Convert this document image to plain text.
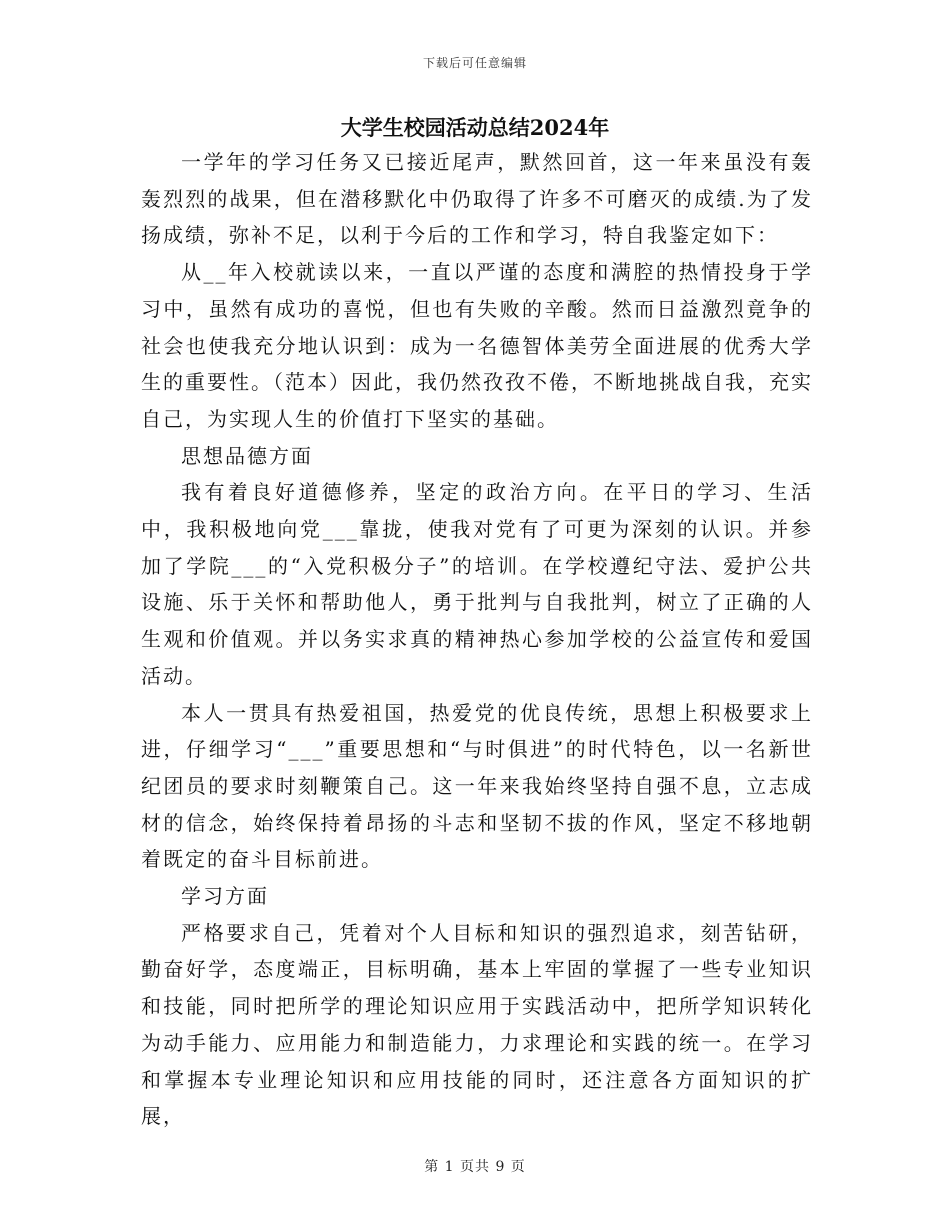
下载后可任意编辑
大学生校园活动总结2024年

一学年的学习任务又已接近尾声，默然回首，这一年来虽没有轰轰烈烈的战果，但在潜移默化中仍取得了许多不可磨灭的成绩.为了发扬成绩，弥补不足，以利于今后的工作和学习，特自我鉴定如下：

从__年入校就读以来，一直以严谨的态度和满腔的热情投身于学习中，虽然有成功的喜悦，但也有失败的辛酸。然而日益激烈竟争的社会也使我充分地认识到：成为一名德智体美劳全面进展的优秀大学生的重要性。（范本）因此，我仍然孜孜不倦，不断地挑战自我，充实自己，为实现人生的价值打下坚实的基础。

思想品德方面

我有着良好道德修养，坚定的政治方向。在平日的学习、生活中，我积极地向党___靠拢，使我对党有了可更为深刻的认识。并参加了学院___的“入党积极分子”的培训。在学校遵纪守法、爱护公共设施、乐于关怀和帮助他人，勇于批判与自我批判，树立了正确的人生观和价值观。并以务实求真的精神热心参加学校的公益宣传和爱国活动。

本人一贯具有热爱祖国，热爱党的优良传统，思想上积极要求上进，仔细学习“___”重要思想和“与时俱进”的时代特色，以一名新世纪团员的要求时刻鞭策自己。这一年来我始终坚持自强不息，立志成材的信念，始终保持着昂扬的斗志和坚韧不拔的作风，坚定不移地朝着既定的奋斗目标前进。

学习方面

严格要求自己，凭着对个人目标和知识的强烈追求，刻苦钻研，勤奋好学，态度端正，目标明确，基本上牢固的掌握了一些专业知识和技能，同时把所学的理论知识应用于实践活动中，把所学知识转化为动手能力、应用能力和制造能力，力求理论和实践的统一。在学习和掌握本专业理论知识和应用技能的同时，还注意各方面知识的扩展，

第 1 页共 9 页
